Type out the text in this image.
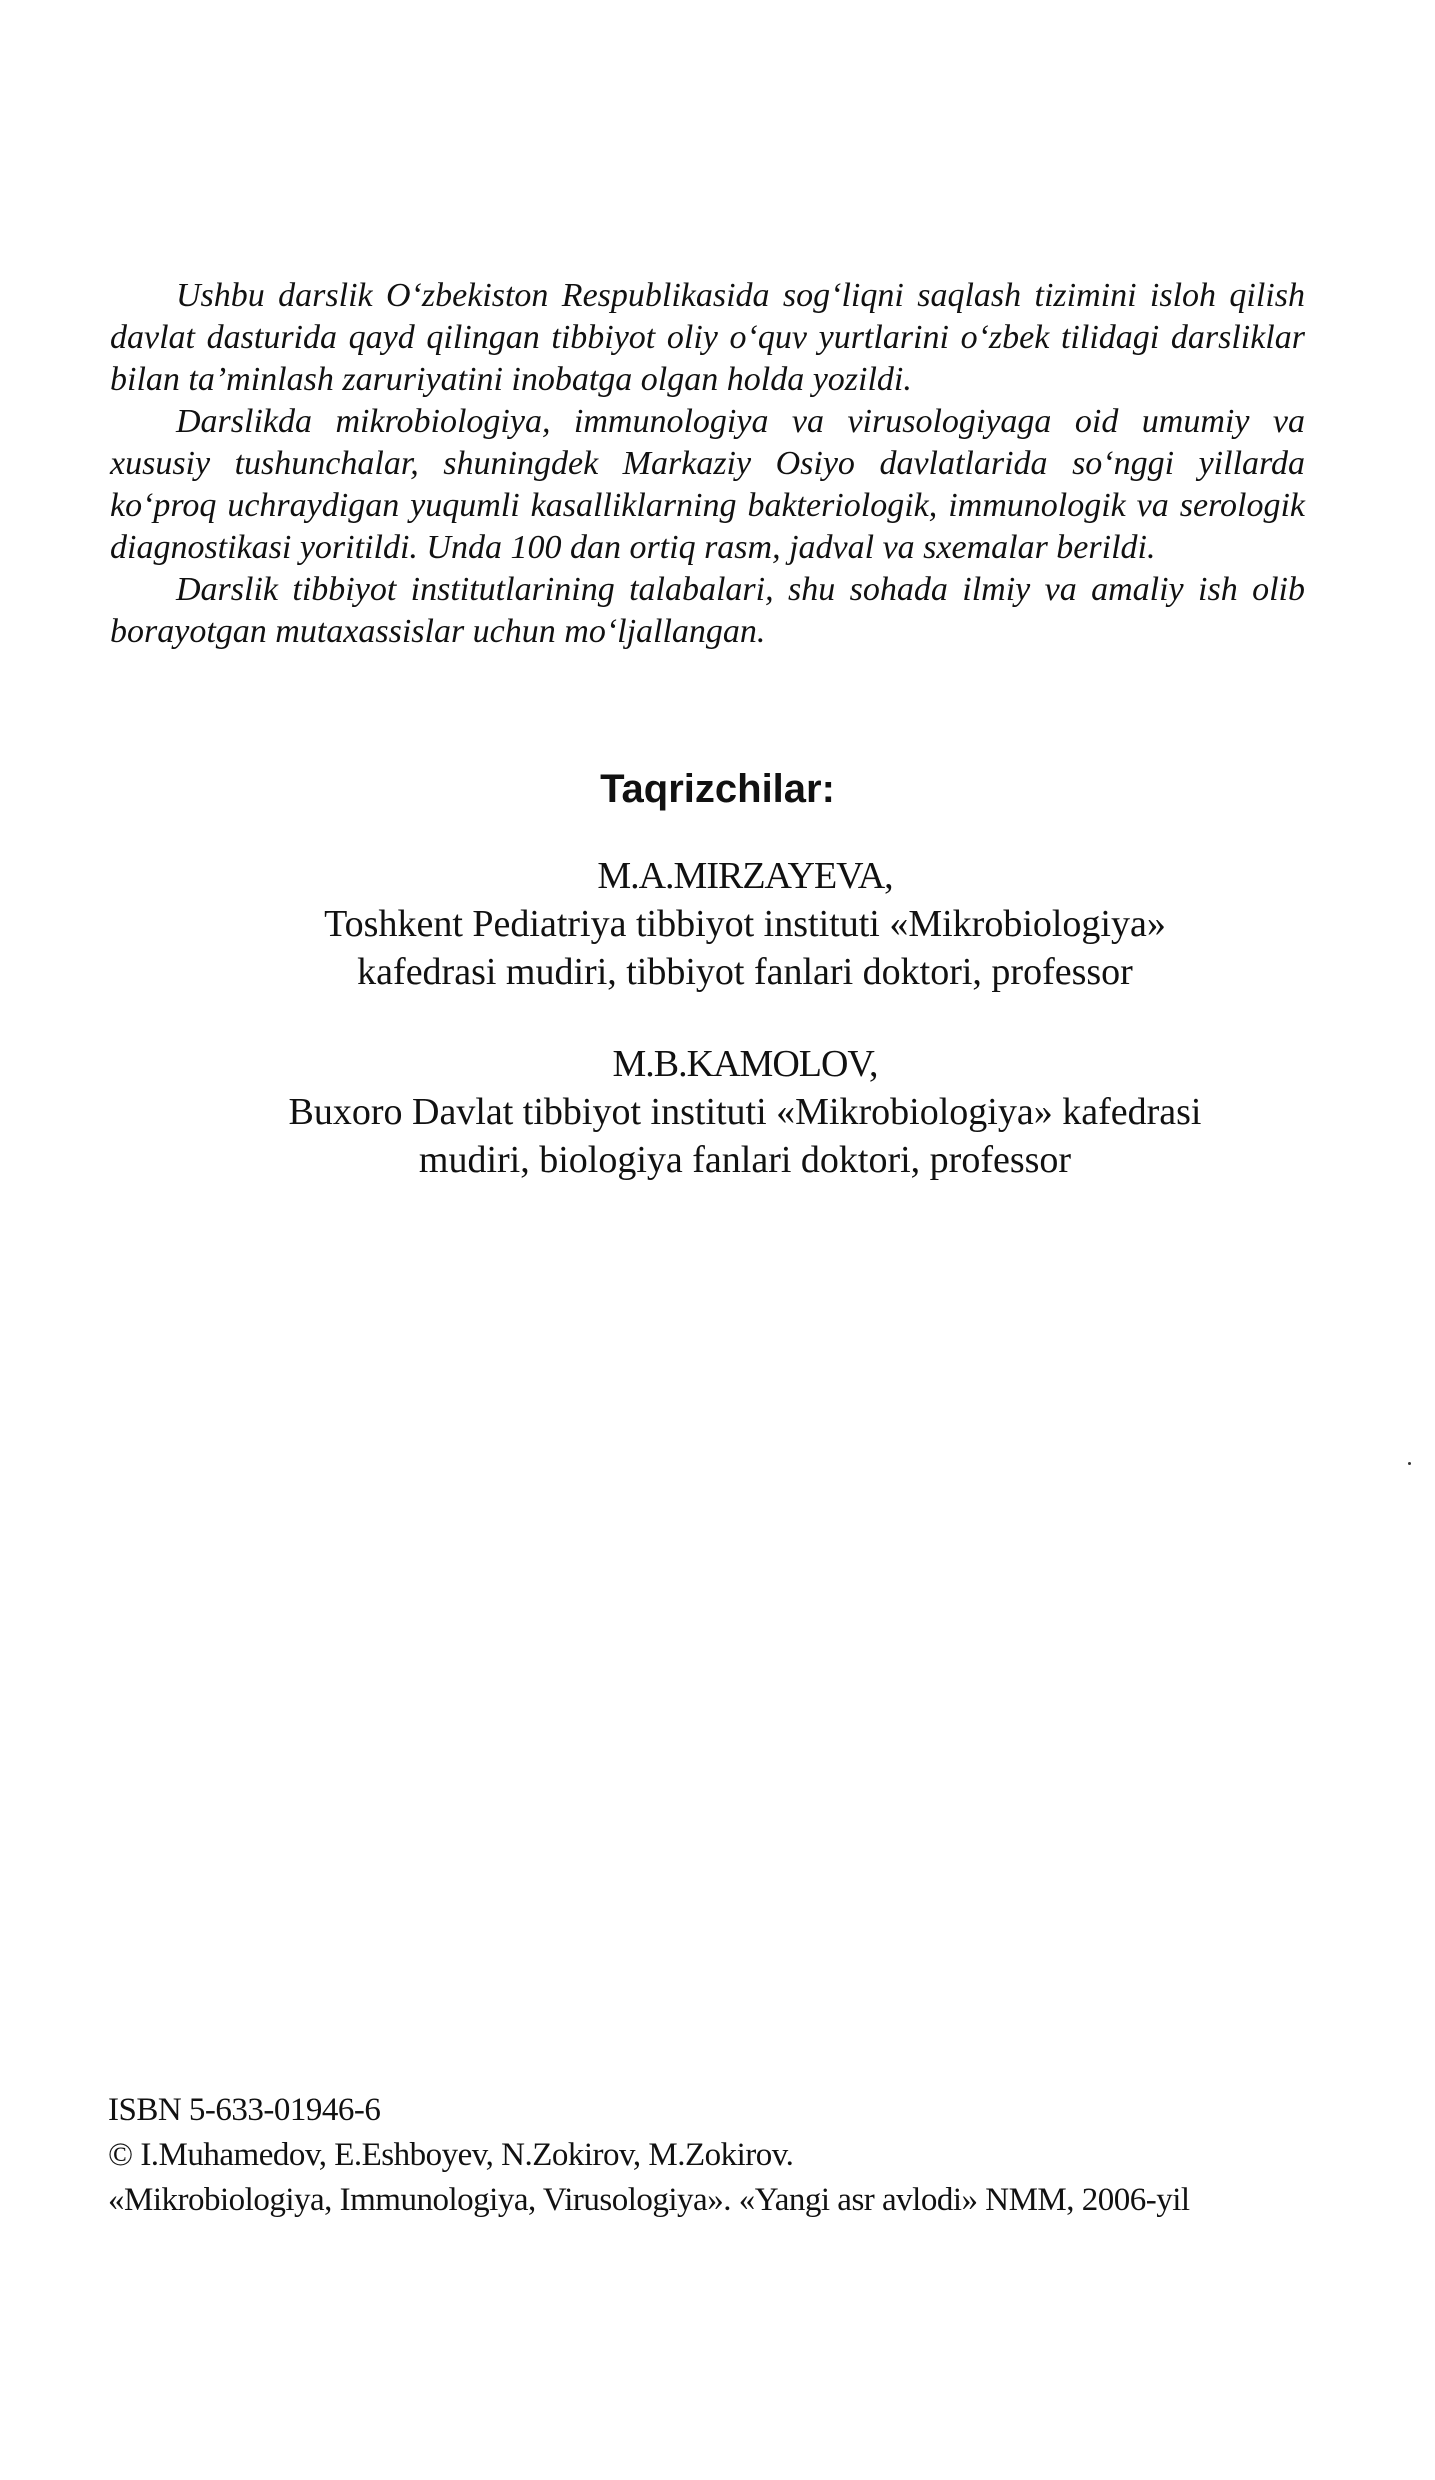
Ushbu darslik O‘zbekiston Respublikasida sog‘liqni saqlash tizimini isloh qilish davlat dasturida qayd qilingan tibbiyot oliy o‘quv yurtlarini o‘zbek tilidagi darsliklar bilan ta’minlash zaruriyatini inobatga olgan holda yozildi.

Darslikda mikrobiologiya, immunologiya va virusologiyaga oid umumiy va xususiy tushunchalar, shuningdek Markaziy Osiyo davlatlarida so‘nggi yillarda ko‘proq uchraydigan yuqumli kasalliklarning bakteriologik, immunologik va serologik diagnostikasi yoritildi. Unda 100 dan ortiq rasm, jadval va sxemalar berildi.

Darslik tibbiyot institutlarining talabalari, shu sohada ilmiy va amaliy ish olib borayotgan mutaxassislar uchun mo‘ljallangan.

Taqrizchilar:
M.A.MIRZAYEVA,
Toshkent Pediatriya tibbiyot instituti «Mikrobiologiya»
kafedrasi mudiri, tibbiyot fanlari doktori, professor
M.B.KAMOLOV,
Buxoro Davlat tibbiyot instituti «Mikrobiologiya» kafedrasi
mudiri, biologiya fanlari doktori, professor
ISBN 5-633-01946-6
© I.Muhamedov, E.Eshboyev, N.Zokirov, M.Zokirov.
«Mikrobiologiya, Immunologiya, Virusologiya». «Yangi asr avlodi» NMM, 2006-yil
